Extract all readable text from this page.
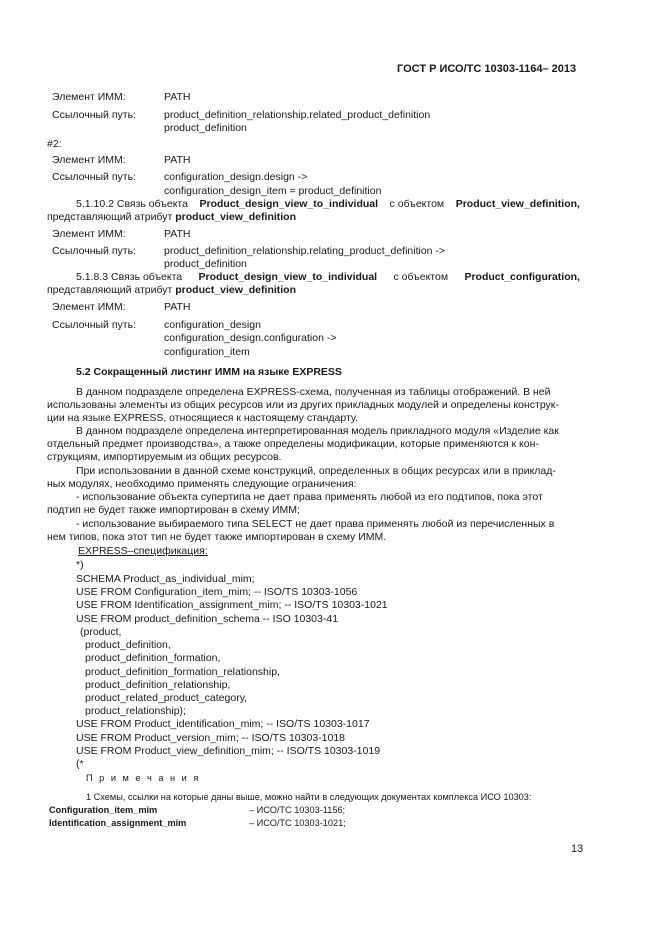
ГОСТ Р ИСО/ТС 10303-1164– 2013
Элемент ИММ:	PATH
Ссылочный путь:	product_definition_relationship.related_product_definition
product_definition
#2:
Элемент ИММ:	PATH
Ссылочный путь:	configuration_design.design ->
configuration_design_item = product_definition
5.1.10.2 Связь объекта Product_design_view_to_individual с объектом Product_view_definition,
представляющий атрибут product_view_definition
Элемент ИММ:	PATH
Ссылочный путь:	product_definition_relationship.relating_product_definition ->
product_definition
5.1.8.3 Связь объекта Product_design_view_to_individual с объектом Product_configuration,
представляющий атрибут product_view_definition
Элемент ИММ:	PATH
Ссылочный путь:	configuration_design
configuration_design.configuration ->
configuration_item
5.2 Сокращенный листинг ИММ на языке EXPRESS
В данном подразделе определена EXPRESS-схема, полученная из таблицы отображений. В ней
использованы элементы из общих ресурсов или из других прикладных модулей и определены конструк-
ции на языке EXPRESS, относящиеся к настоящему стандарту.
В данном подразделе определена интерпретированная модель прикладного модуля «Изделие как
отдельный предмет производства», а также определены модификации, которые применяются к кон-
струкциям, импортируемым из общих ресурсов.
При использовании в данной схеме конструкций, определенных в общих ресурсах или в приклад-
ных модулях, необходимо применять следующие ограничения:
- использование объекта супертипа не дает права применять любой из его подтипов, пока этот
подтип не будет также импортирован в схему ИММ;
- использование выбираемого типа SELECT не дает права применять любой из перечисленных в
нем типов, пока этот тип не будет также импортирован в схему ИММ.
EXPRESS–спецификация:
*)
SCHEMA Product_as_individual_mim;
USE FROM Configuration_item_mim; -- ISO/TS 10303-1056
USE FROM Identification_assignment_mim; -- ISO/TS 10303-1021
USE FROM product_definition_schema -- ISO 10303-41
(product,
product_definition,
product_definition_formation,
product_definition_formation_relationship,
product_definition_relationship,
product_related_product_category,
product_relationship);
USE FROM Product_identification_mim; -- ISO/TS 10303-1017
USE FROM Product_version_mim; -- ISO/TS 10303-1018
USE FROM Product_view_definition_mim; -- ISO/TS 10303-1019
(*
П р и м е ч а н и я
1 Схемы, ссылки на которые даны выше, можно найти в следующих документах комплекса ИСО 10303:
Configuration_item_mim	– ИСО/ТС 10303-1156;
Identification_assignment_mim	– ИСО/ТС 10303-1021;
13
